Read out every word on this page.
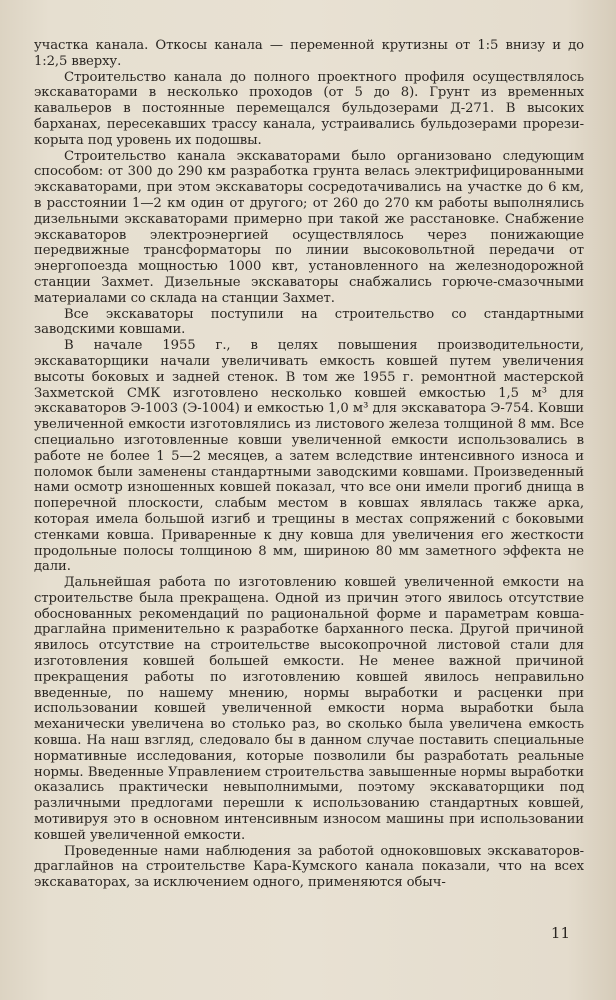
участка канала. Откосы канала — переменной крутизны от 1:5 внизу и до 1:2,5 вверху.

Строительство канала до полного проектного профиля осуществлялось экскаваторами в несколько проходов (от 5 до 8). Грунт из временных кавальеров в постоянные перемещался бульдозерами Д-271. В высоких барханах, пересекавших трассу канала, устраивались бульдозерами прорези-корыта под уровень их подошвы.

Строительство канала экскаваторами было организовано следующим способом: от 300 до 290 км разработка грунта велась электрифицированными экскаваторами, при этом экскаваторы сосредотачивались на участке до 6 км, в расстоянии 1—2 км один от другого; от 260 до 270 км работы выполнялись дизельными экскаваторами примерно при такой же расстановке. Снабжение экскаваторов электроэнергией осуществлялось через понижающие передвижные трансформаторы по линии высоковольтной передачи от энергопоезда мощностью 1000 квт, установленного на железнодорожной станции Захмет. Дизельные экскаваторы снабжались горюче-смазочными материалами со склада на станции Захмет.

Все экскаваторы поступили на строительство со стандартными заводскими ковшами.

В начале 1955 г., в целях повышения производительности, экскаваторщики начали увеличивать емкость ковшей путем увеличения высоты боковых и задней стенок. В том же 1955 г. ремонтной мастерской Захметской СМК изготовлено несколько ковшей емкостью 1,5 м³ для экскаваторов Э-1003 (Э-1004) и емкостью 1,0 м³ для экскаватора Э-754. Ковши увеличенной емкости изготовлялись из листового железа толщиной 8 мм. Все специально изготовленные ковши увеличенной емкости использовались в работе не более 1 5—2 месяцев, а затем вследствие интенсивного износа и поломок были заменены стандартными заводскими ковшами. Произведенный нами осмотр изношенных ковшей показал, что все они имели прогиб днища в поперечной плоскости, слабым местом в ковшах являлась также арка, которая имела большой изгиб и трещины в местах сопряжений с боковыми стенками ковша. Приваренные к дну ковша для увеличения его жесткости продольные полосы толщиною 8 мм, шириною 80 мм заметного эффекта не дали.

Дальнейшая работа по изготовлению ковшей увеличенной емкости на строительстве была прекращена. Одной из причин этого явилось отсутствие обоснованных рекомендаций по рациональной форме и параметрам ковша-драглайна применительно к разработке барханного песка. Другой причиной явилось отсутствие на строительстве высокопрочной листовой стали для изготовления ковшей большей емкости. Не менее важной причиной прекращения работы по изготовлению ковшей явилось неправильно введенные, по нашему мнению, нормы выработки и расценки при использовании ковшей увеличенной емкости норма выработки была механически увеличена во столько раз, во сколько была увеличена емкость ковша. На наш взгляд, следовало бы в данном случае поставить специальные нормативные исследования, которые позволили бы разработать реальные нормы. Введенные Управлением строительства завышенные нормы выработки оказались практически невыполнимыми, поэтому экскаваторщики под различными предлогами перешли к использованию стандартных ковшей, мотивируя это в основном интенсивным износом машины при использовании ковшей увеличенной емкости.

Проведенные нами наблюдения за работой одноковшовых экскаваторов-драглайнов на строительстве Кара-Кумского канала показали, что на всех экскаваторах, за исключением одного, применяются обыч-

11
